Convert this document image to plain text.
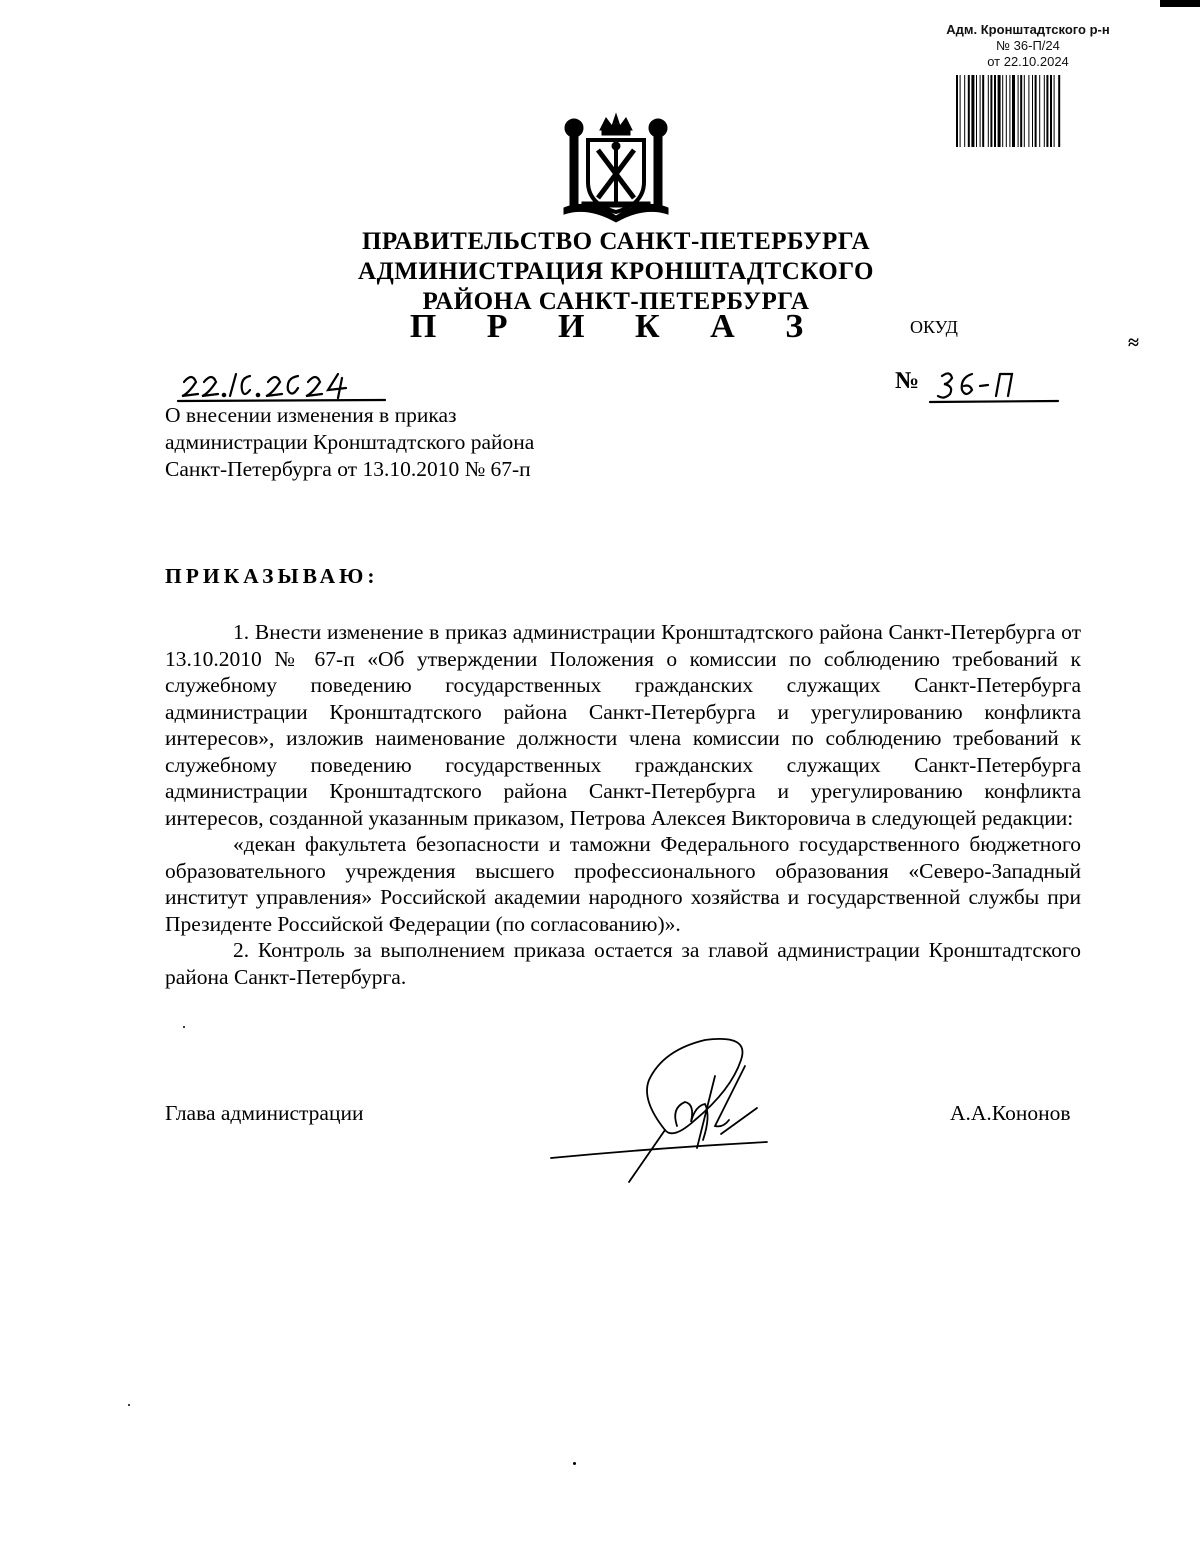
Адм. Кронштадтского р-н
№ 36-П/24
от 22.10.2024
ПРАВИТЕЛЬСТВО САНКТ-ПЕТЕРБУРГА
АДМИНИСТРАЦИЯ КРОНШТАДТСКОГО
РАЙОНА САНКТ-ПЕТЕРБУРГА
П Р И К А З	ОКУД
≈
№
О внесении изменения в приказ
администрации Кронштадтского района
Санкт-Петербурга от 13.10.2010 № 67-п
ПРИКАЗЫВАЮ:

1. Внести изменение в приказ администрации Кронштадтского района Санкт-Петербурга от 13.10.2010 № 67-п «Об утверждении Положения о комиссии по соблюдению требований к служебному поведению государственных гражданских служащих Санкт-Петербурга администрации Кронштадтского района Санкт-Петербурга и урегулированию конфликта интересов», изложив наименование должности члена комиссии по соблюдению требований к служебному поведению государственных гражданских служащих Санкт-Петербурга администрации Кронштадтского района Санкт-Петербурга и урегулированию конфликта интересов, созданной указанным приказом, Петрова Алексея Викторовича в следующей редакции:

«декан факультета безопасности и таможни Федерального государственного бюджетного образовательного учреждения высшего профессионального образования «Северо-Западный институт управления» Российской академии народного хозяйства и государственной службы при Президенте Российской Федерации (по согласованию)».

2. Контроль за выполнением приказа остается за главой администрации Кронштадтского района Санкт-Петербурга.

Глава администрации	А.А.Кононов
